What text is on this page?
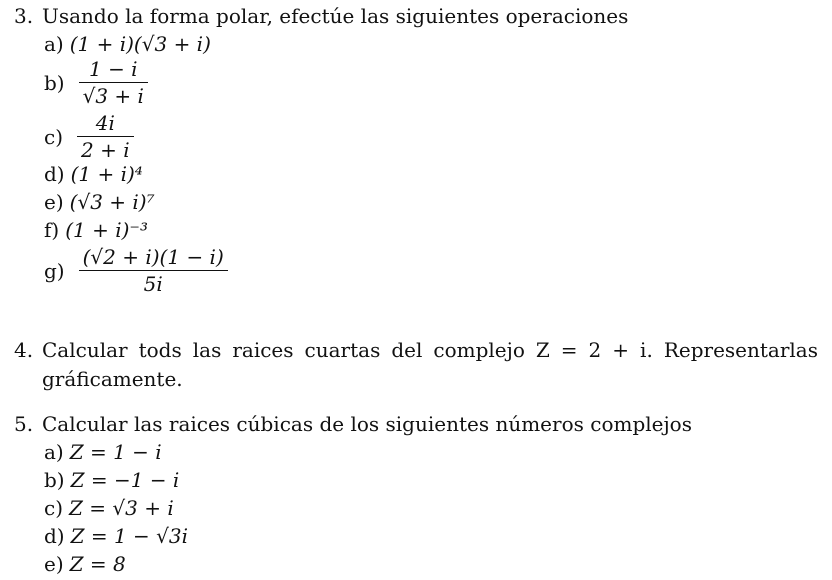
3. Usando la forma polar, efectúe las siguientes operaciones
a) (1 + i)(√3 + i)
$b) \frac{1 - i}{√3 + i}$
$c) \frac{4i}{2 + i}$
d) (1 + i)⁴
e) (√3 + i)⁷
f) (1 + i)⁻³
$g) \frac{(√2 + i)(1 - i)}{5i}$
4. Calcular tods las raices cuartas del complejo Z = 2 + i. Representarlas gráficamente.
5. Calcular las raices cúbicas de los siguientes números complejos
a) Z = 1 − i
b) Z = −1 − i
c) Z = √3 + i
d) Z = 1 − √3i
e) Z = 8
